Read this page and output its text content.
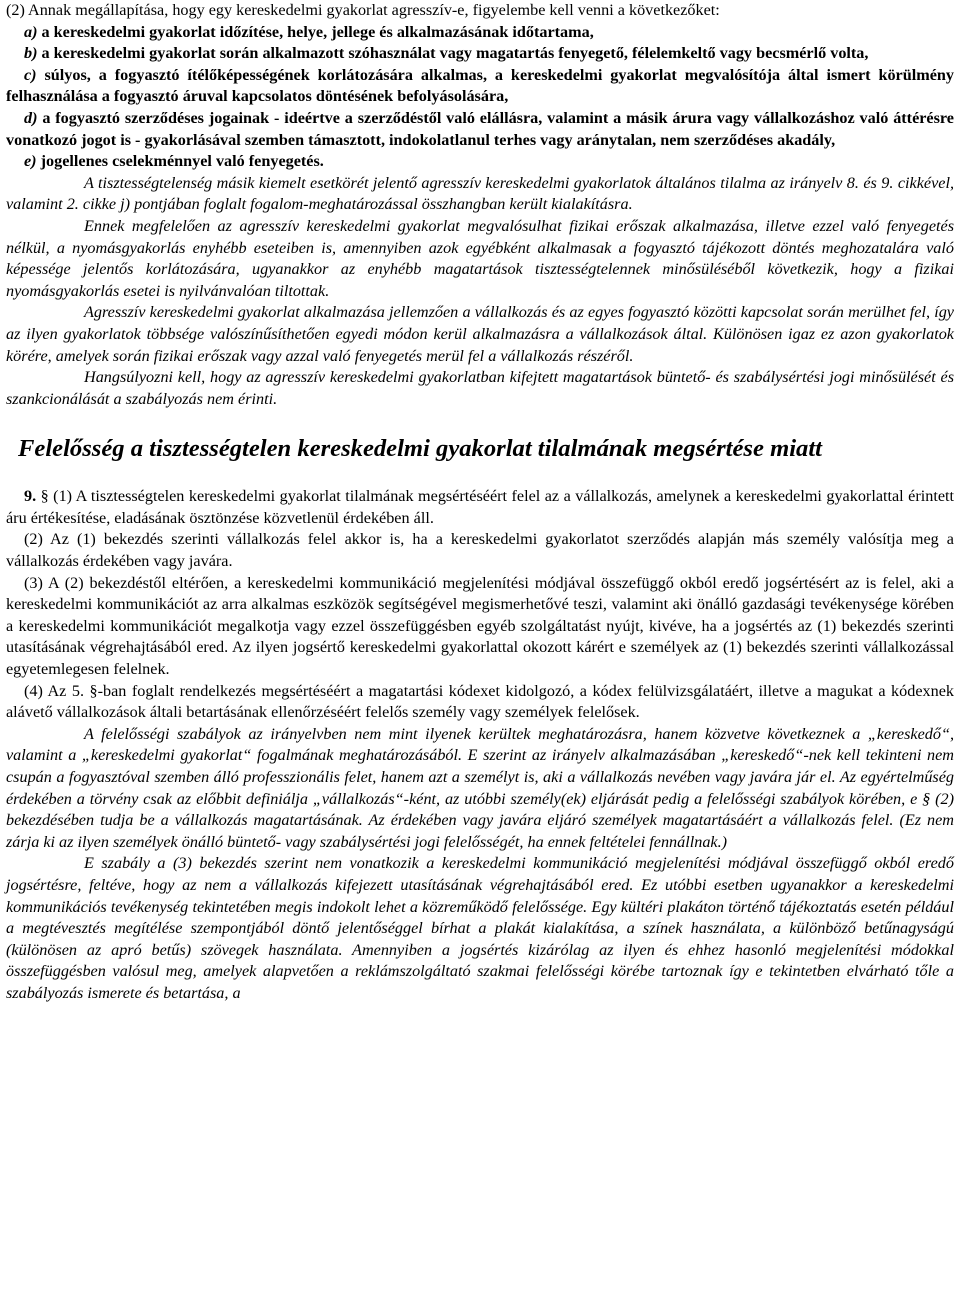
(2) Annak megállapítása, hogy egy kereskedelmi gyakorlat agresszív-e, figyelembe kell venni a következőket:

a) a kereskedelmi gyakorlat időzítése, helye, jellege és alkalmazásának időtartama,

b) a kereskedelmi gyakorlat során alkalmazott szóhasználat vagy magatartás fenyegető, félelemkeltő vagy becsmérlő volta,

c) súlyos, a fogyasztó ítélőképességének korlátozására alkalmas, a kereskedelmi gyakorlat megvalósítója által ismert körülmény felhasználása a fogyasztó áruval kapcsolatos döntésének befolyásolására,

d) a fogyasztó szerződéses jogainak - ideértve a szerződéstől való elállásra, valamint a másik árura vagy vállalkozáshoz való áttérésre vonatkozó jogot is - gyakorlásával szemben támasztott, indokolatlanul terhes vagy aránytalan, nem szerződéses akadály,

e) jogellenes cselekménnyel való fenyegetés.

A tisztességtelenség másik kiemelt esetkörét jelentő agresszív kereskedelmi gyakorlatok általános tilalma az irányelv 8. és 9. cikkével, valamint 2. cikke j) pontjában foglalt fogalom-meghatározással összhangban került kialakításra.

Ennek megfelelően az agresszív kereskedelmi gyakorlat megvalósulhat fizikai erőszak alkalmazása, illetve ezzel való fenyegetés nélkül, a nyomásgyakorlás enyhébb eseteiben is, amennyiben azok egyébként alkalmasak a fogyasztó tájékozott döntés meghozatalára való képessége jelentős korlátozására, ugyanakkor az enyhébb magatartások tisztességtelennek minősüléséből következik, hogy a fizikai nyomásgyakorlás esetei is nyilvánvalóan tiltottak.

Agresszív kereskedelmi gyakorlat alkalmazása jellemzően a vállalkozás és az egyes fogyasztó közötti kapcsolat során merülhet fel, így az ilyen gyakorlatok többsége valószínűsíthetően egyedi módon kerül alkalmazásra a vállalkozások által. Különösen igaz ez azon gyakorlatok körére, amelyek során fizikai erőszak vagy azzal való fenyegetés merül fel a vállalkozás részéről.

Hangsúlyozni kell, hogy az agresszív kereskedelmi gyakorlatban kifejtett magatartások büntető- és szabálysértési jogi minősülését és szankcionálását a szabályozás nem érinti.

Felelősség a tisztességtelen kereskedelmi gyakorlat tilalmának megsértése miatt

9. § (1) A tisztességtelen kereskedelmi gyakorlat tilalmának megsértéséért felel az a vállalkozás, amelynek a kereskedelmi gyakorlattal érintett áru értékesítése, eladásának ösztönzése közvetlenül érdekében áll.

(2) Az (1) bekezdés szerinti vállalkozás felel akkor is, ha a kereskedelmi gyakorlatot szerződés alapján más személy valósítja meg a vállalkozás érdekében vagy javára.

(3) A (2) bekezdéstől eltérően, a kereskedelmi kommunikáció megjelenítési módjával összefüggő okból eredő jogsértésért az is felel, aki a kereskedelmi kommunikációt az arra alkalmas eszközök segítségével megismerhetővé teszi, valamint aki önálló gazdasági tevékenysége körében a kereskedelmi kommunikációt megalkotja vagy ezzel összefüggésben egyéb szolgáltatást nyújt, kivéve, ha a jogsértés az (1) bekezdés szerinti utasításának végrehajtásából ered. Az ilyen jogsértő kereskedelmi gyakorlattal okozott kárért e személyek az (1) bekezdés szerinti vállalkozással egyetemlegesen felelnek.

(4) Az 5. §-ban foglalt rendelkezés megsértéséért a magatartási kódexet kidolgozó, a kódex felülvizsgálatáért, illetve a magukat a kódexnek alávető vállalkozások általi betartásának ellenőrzéséért felelős személy vagy személyek felelősek.

A felelősségi szabályok az irányelvben nem mint ilyenek kerültek meghatározásra, hanem közvetve következnek a „kereskedő“, valamint a „kereskedelmi gyakorlat“ fogalmának meghatározásából. E szerint az irányelv alkalmazásában „kereskedő“-nek kell tekinteni nem csupán a fogyasztóval szemben álló professzionális felet, hanem azt a személyt is, aki a vállalkozás nevében vagy javára jár el. Az egyértelműség érdekében a törvény csak az előbbit definiálja „vállalkozás“-ként, az utóbbi személy(ek) eljárását pedig a felelősségi szabályok körében, e § (2) bekezdésében tudja be a vállalkozás magatartásának. Az érdekében vagy javára eljáró személyek magatartásáért a vállalkozás felel. (Ez nem zárja ki az ilyen személyek önálló büntető- vagy szabálysértési jogi felelősségét, ha ennek feltételei fennállnak.)

E szabály a (3) bekezdés szerint nem vonatkozik a kereskedelmi kommunikáció megjelenítési módjával összefüggő okból eredő jogsértésre, feltéve, hogy az nem a vállalkozás kifejezett utasításának végrehajtásából ered. Ez utóbbi esetben ugyanakkor a kereskedelmi kommunikációs tevékenység tekintetében megis indokolt lehet a közreműködő felelőssége. Egy kültéri plakáton történő tájékoztatás esetén például a megtévesztés megítélése szempontjából döntő jelentőséggel bírhat a plakát kialakítása, a színek használata, a különböző betűnagyságú (különösen az apró betűs) szövegek használata. Amennyiben a jogsértés kizárólag az ilyen és ehhez hasonló megjelenítési módokkal összefüggésben valósul meg, amelyek alapvetően a reklámszolgáltató szakmai felelősségi körébe tartoznak így e tekintetben elvárható tőle a szabályozás ismerete és betartása, a
